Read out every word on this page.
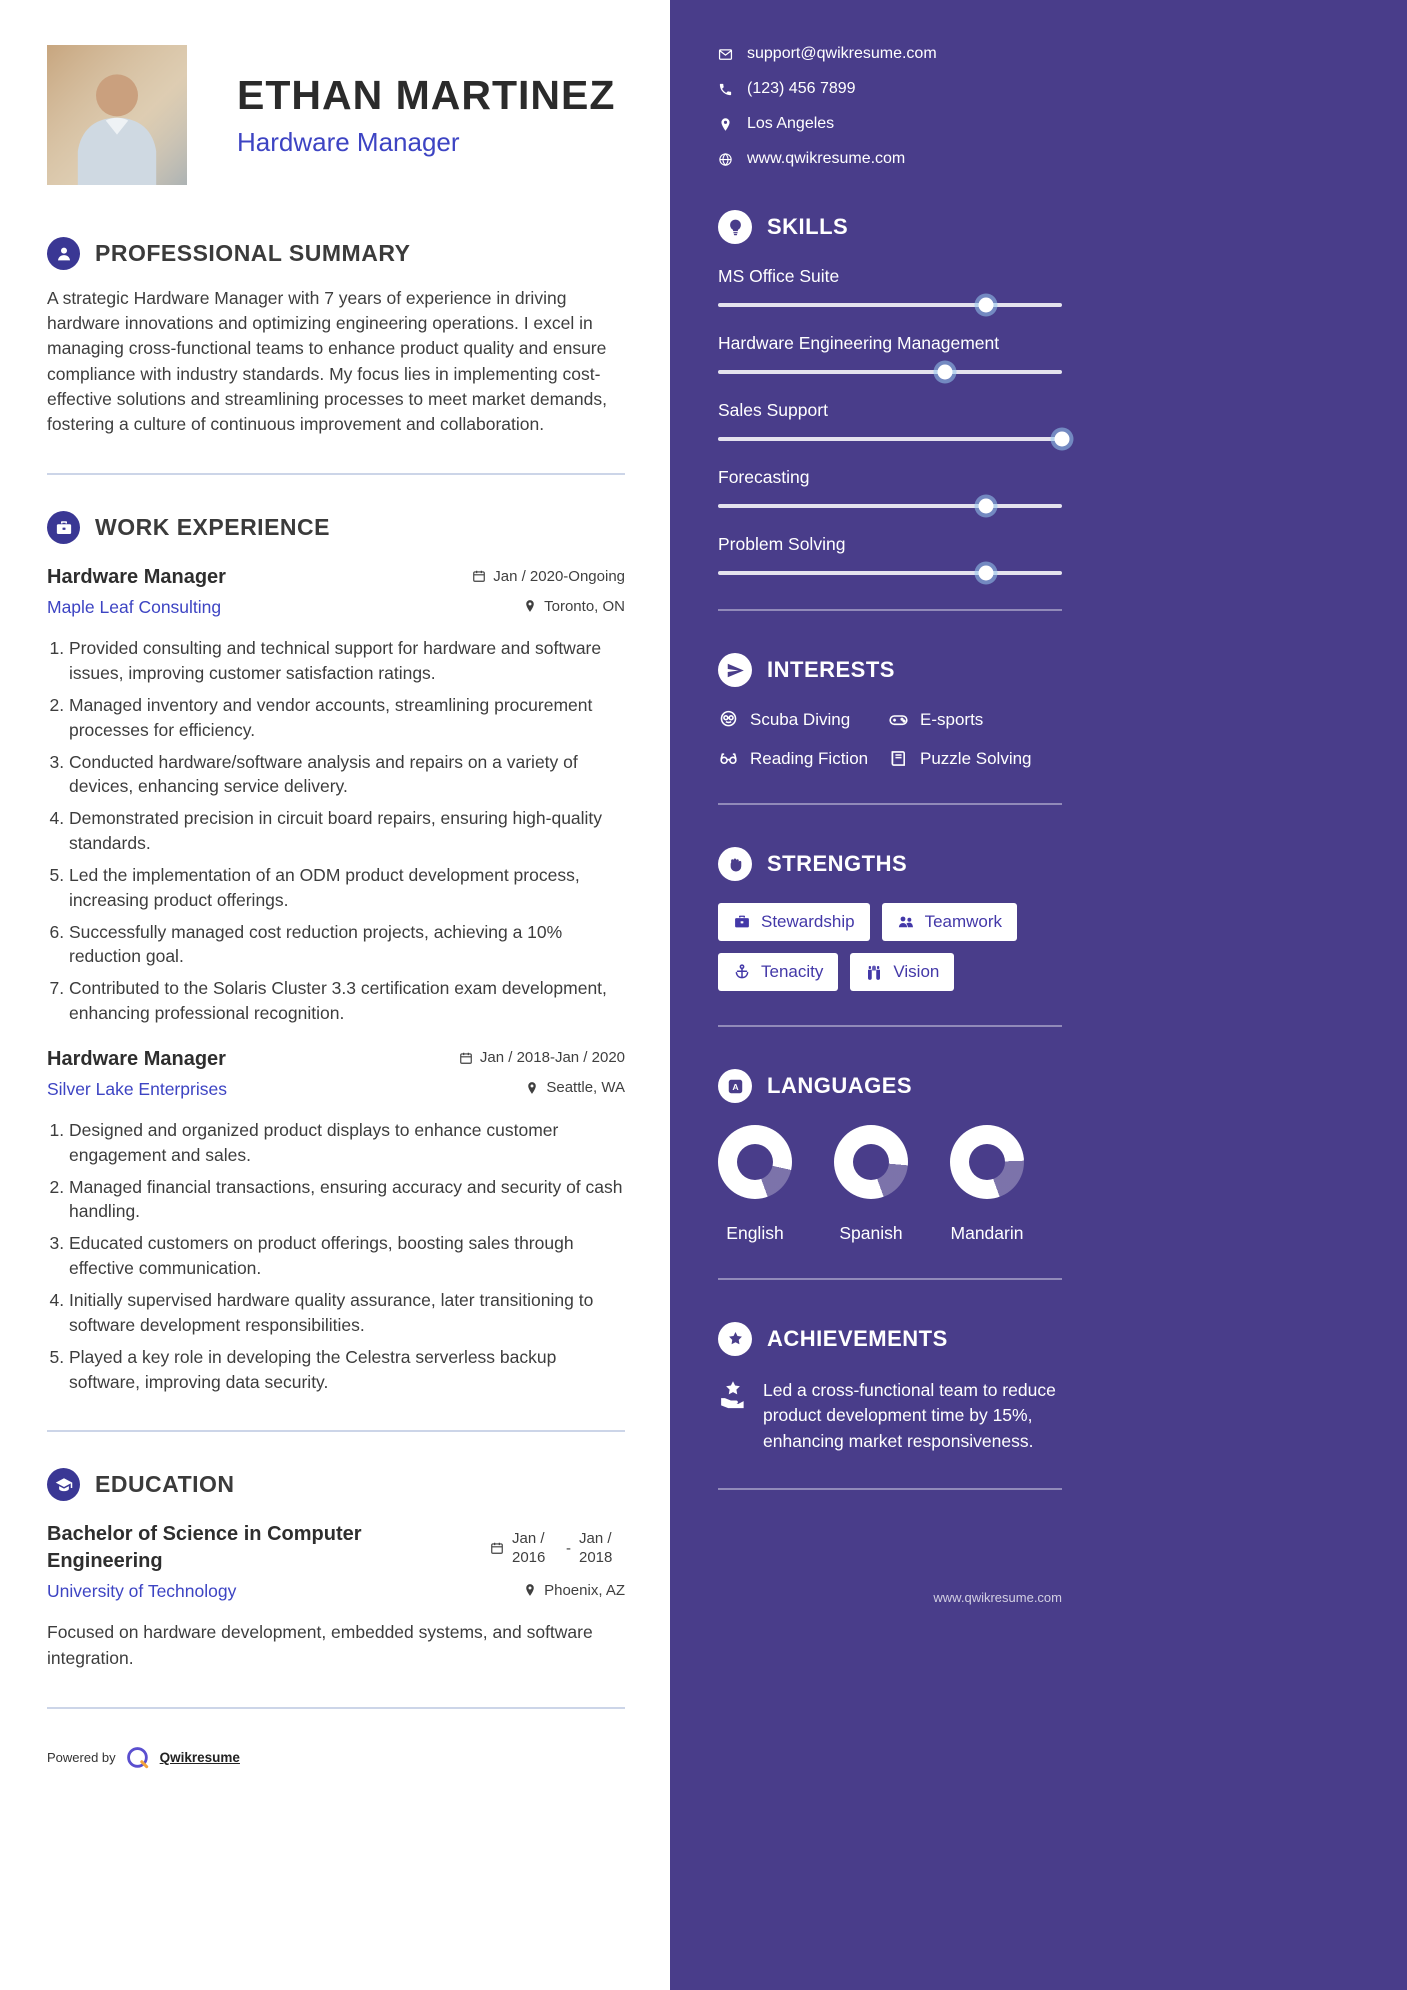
ETHAN MARTINEZ
Hardware Manager
PROFESSIONAL SUMMARY

A strategic Hardware Manager with 7 years of experience in driving hardware innovations and optimizing engineering operations. I excel in managing cross-functional teams to enhance product quality and ensure compliance with industry standards. My focus lies in implementing cost-effective solutions and streamlining processes to meet market demands, fostering a culture of continuous improvement and collaboration.

WORK EXPERIENCE
Hardware Manager	Jan / 2020-Ongoing
Maple Leaf Consulting	Toronto, ON
1. Provided consulting and technical support for hardware and software issues, improving customer satisfaction ratings.
2. Managed inventory and vendor accounts, streamlining procurement processes for efficiency.
3. Conducted hardware/software analysis and repairs on a variety of devices, enhancing service delivery.
4. Demonstrated precision in circuit board repairs, ensuring high-quality standards.
5. Led the implementation of an ODM product development process, increasing product offerings.
6. Successfully managed cost reduction projects, achieving a 10% reduction goal.
7. Contributed to the Solaris Cluster 3.3 certification exam development, enhancing professional recognition.
Hardware Manager	Jan / 2018-Jan / 2020
Silver Lake Enterprises	Seattle, WA
1. Designed and organized product displays to enhance customer engagement and sales.
2. Managed financial transactions, ensuring accuracy and security of cash handling.
3. Educated customers on product offerings, boosting sales through effective communication.
4. Initially supervised hardware quality assurance, later transitioning to software development responsibilities.
5. Played a key role in developing the Celestra serverless backup software, improving data security.
EDUCATION
Bachelor of Science in Computer Engineering
Jan / 2016
-
Jan / 2018
University of Technology	Phoenix, AZ

Focused on hardware development, embedded systems, and software integration.

Powered by	Qwikresume
support@qwikresume.com
(123) 456 7899
Los Angeles
www.qwikresume.com
SKILLS
MS Office Suite
Hardware Engineering Management
Sales Support
Forecasting
Problem Solving
INTERESTS
Scuba Diving	E-sports
Reading Fiction	Puzzle Solving
STRENGTHS
Stewardship	Teamwork
Tenacity	Vision
A LANGUAGES
English	Spanish	Mandarin
ACHIEVEMENTS

Led a cross-functional team to reduce product development time by 15%, enhancing market responsiveness.

www.qwikresume.com
